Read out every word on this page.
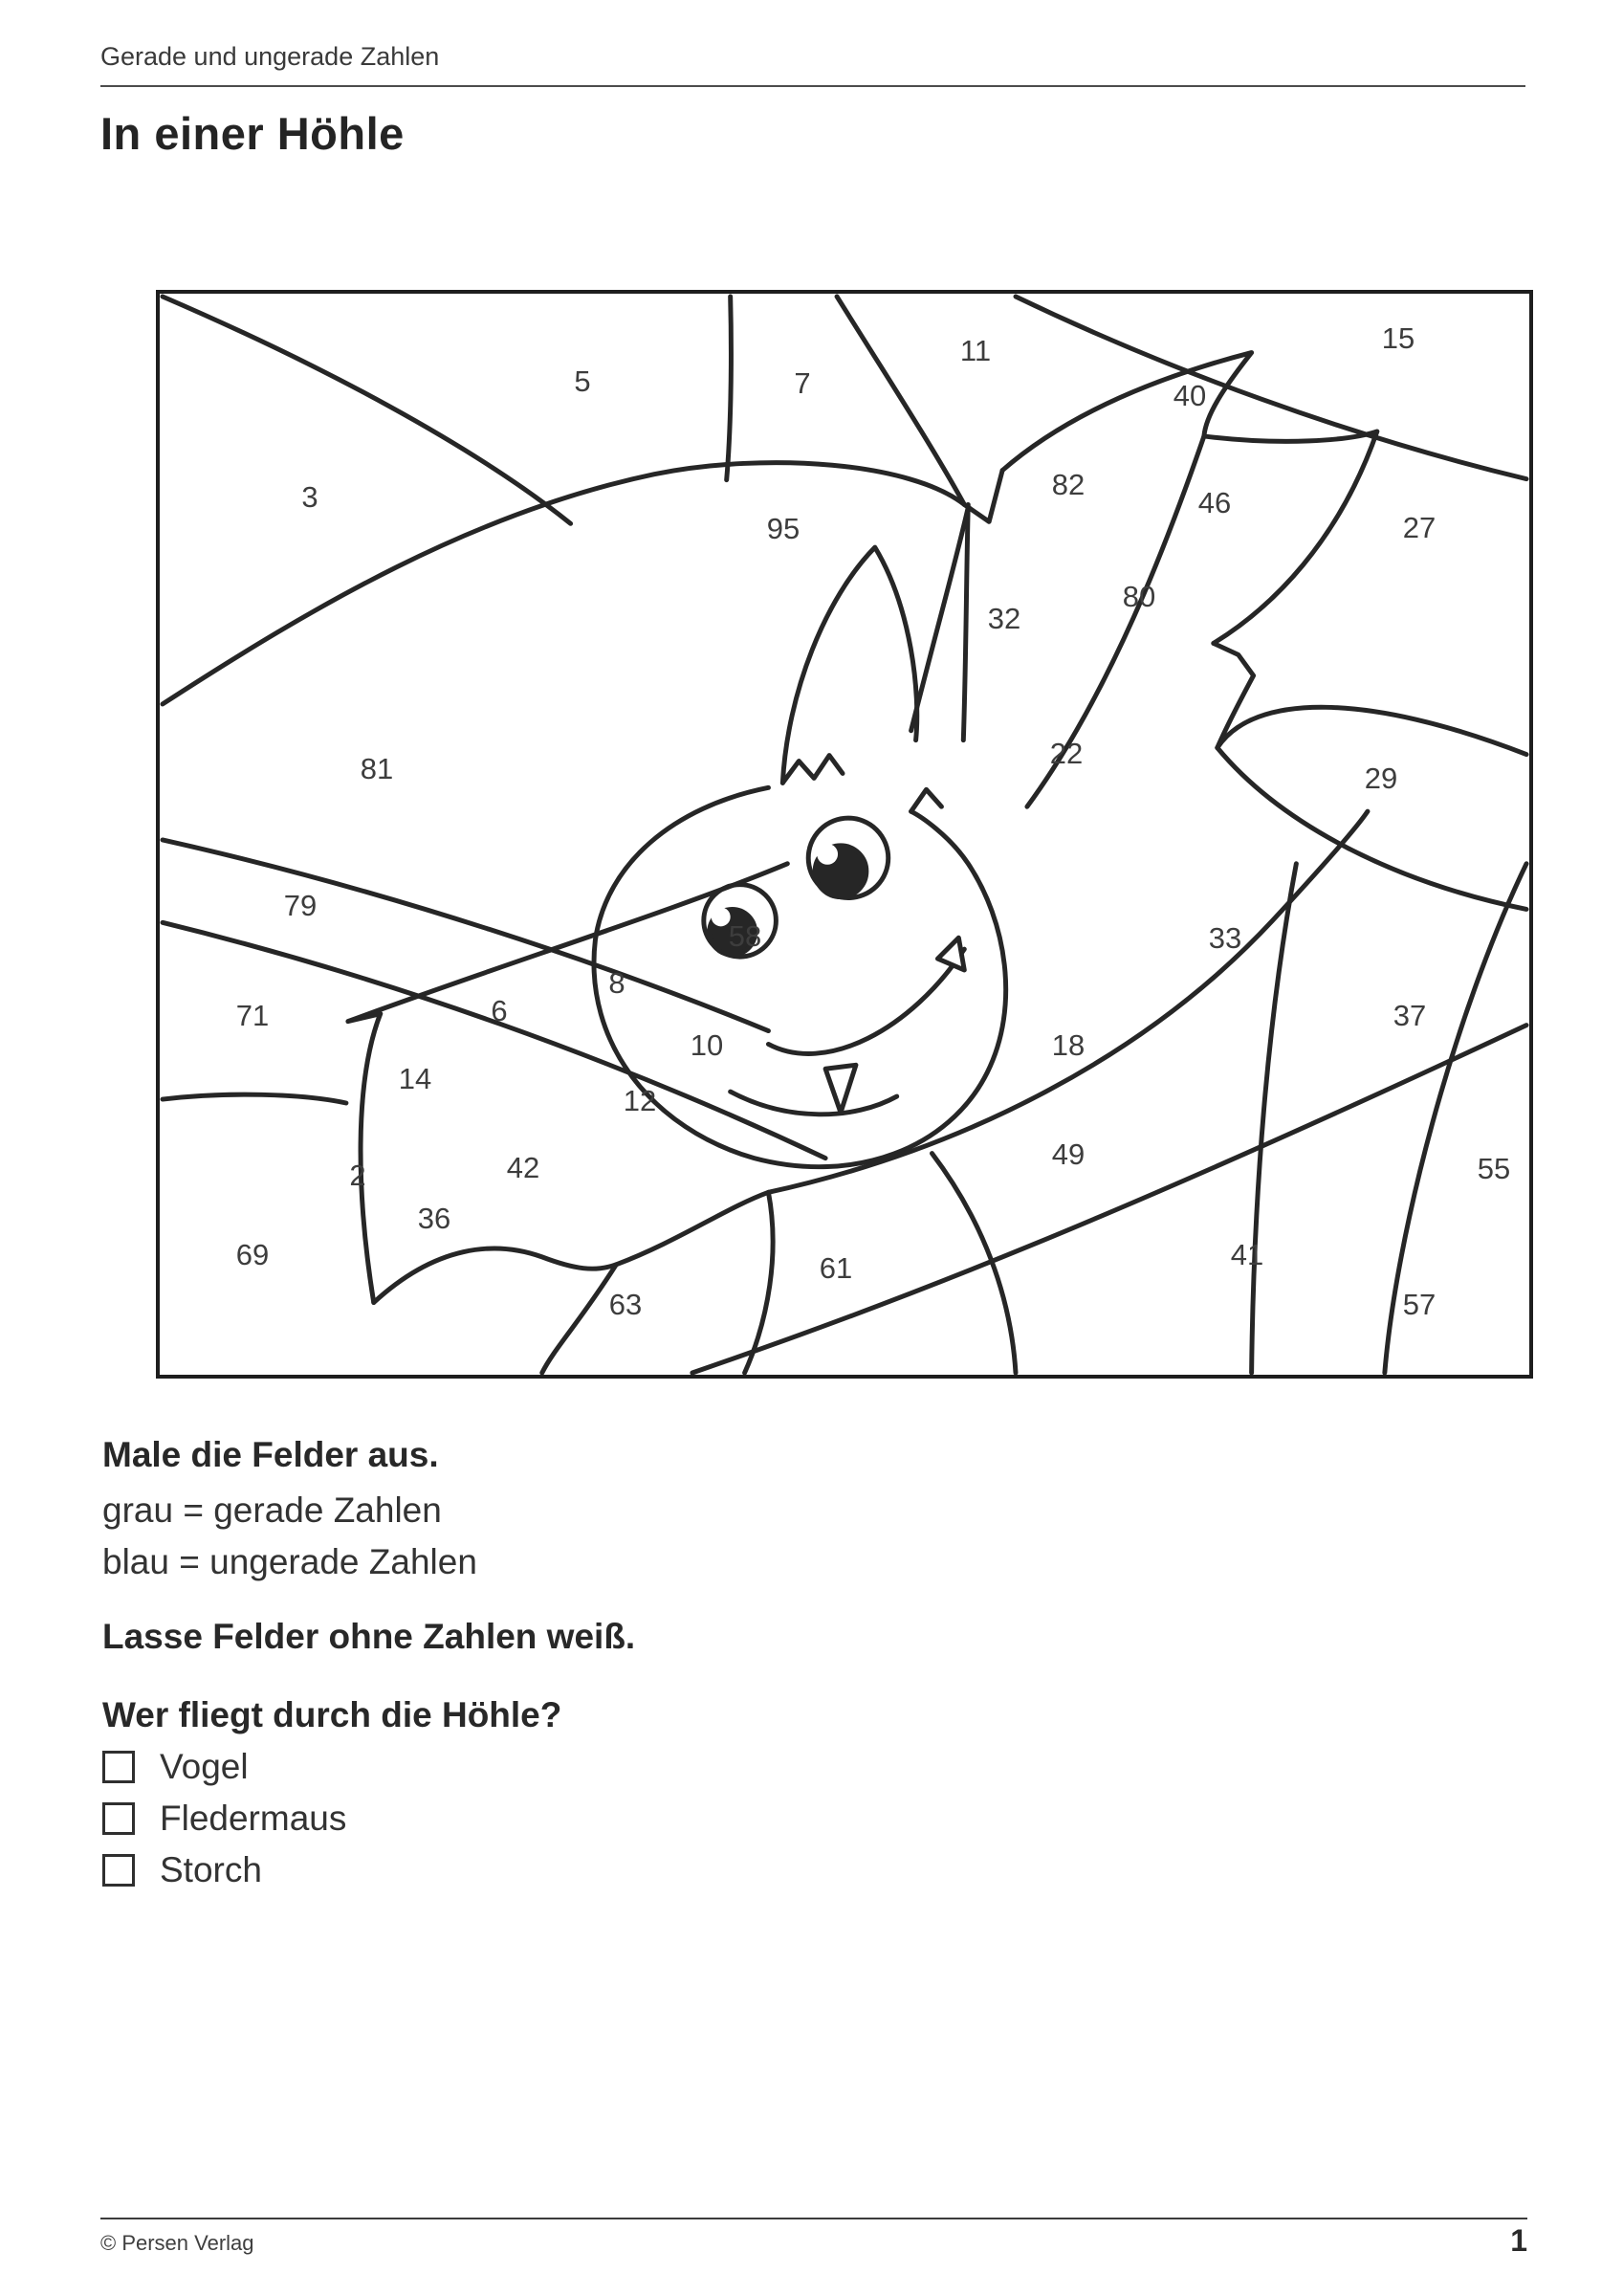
Gerade und ungerade Zahlen
In einer Höhle
5	7
11	15
40
3	82
46
27
95
32
80
81	22
29
79
58	33
8
6
71	37
10	18
14
12
49	55
2	42
36
69	61	41
63	57
Male die Felder aus.
grau = gerade Zahlen
blau = ungerade Zahlen
Lasse Felder ohne Zahlen weiß.
Wer fliegt durch die Höhle?
Vogel
Fledermaus
Storch
© Persen Verlag	1
